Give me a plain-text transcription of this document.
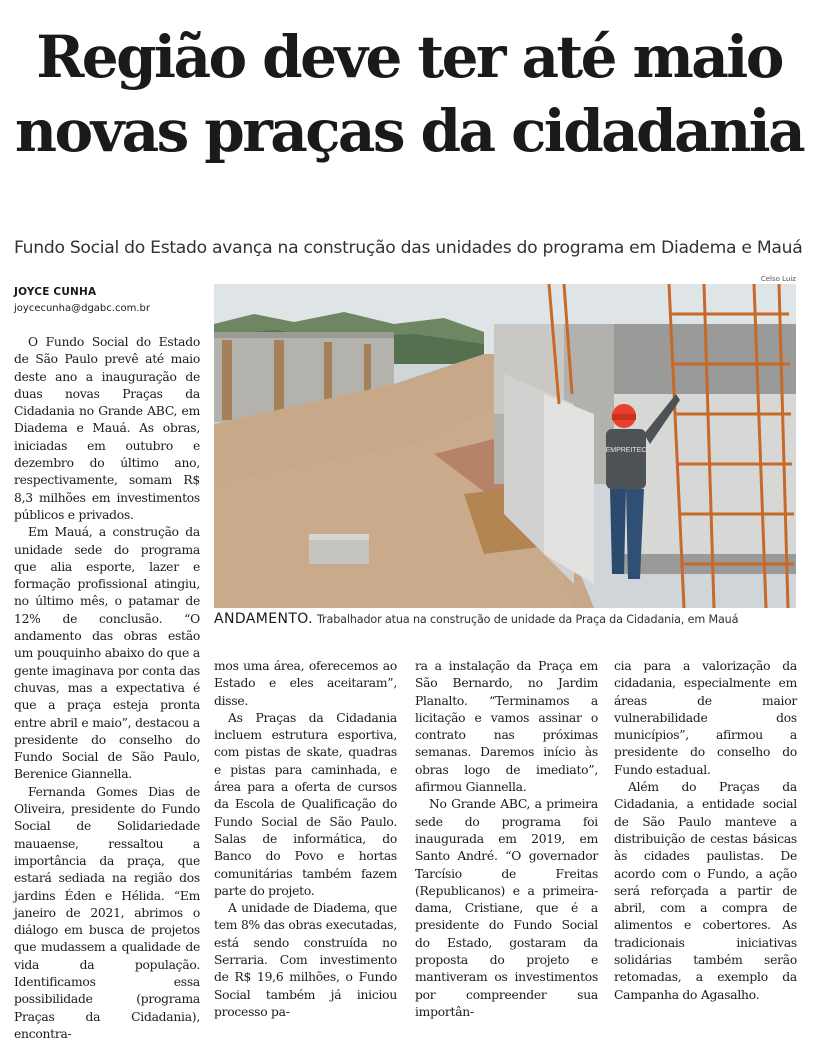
Região deve ter até maio novas praças da cidadania
Fundo Social do Estado avança na construção das unidades do programa em Diadema e Mauá
JOYCE CUNHA
joycecunha@dgabc.com.br
Celso Luiz
EMPREITEC
ANDAMENTO. Trabalhador atua na construção de unidade da Praça da Cidadania, em Mauá

O Fundo Social do Estado de São Paulo prevê até maio deste ano a inauguração de duas novas Praças da Cidadania no Grande ABC, em Diadema e Mauá. As obras, iniciadas em outubro e dezembro do último ano, respectivamente, somam R$ 8,3 milhões em investimentos públicos e privados.

Em Mauá, a construção da unidade sede do programa que alia esporte, lazer e formação profissional atingiu, no último mês, o patamar de 12% de conclusão. “O andamento das obras estão um pouquinho abaixo do que a gente imaginava por conta das chuvas, mas a expectativa é que a praça esteja pronta entre abril e maio”, destacou a presidente do conselho do Fundo Social de São Paulo, Berenice Giannella.

Fernanda Gomes Dias de Oliveira, presidente do Fundo Social de Solidariedade mauaense, ressaltou a importância da praça, que estará sediada na região dos jardins Éden e Hélida. “Em janeiro de 2021, abrimos o diálogo em busca de projetos que mudassem a qualidade de vida da população. Identificamos essa possibilidade (programa Praças da Cidadania), encontra-

mos uma área, oferecemos ao Estado e eles aceitaram”, disse.

As Praças da Cidadania incluem estrutura esportiva, com pistas de skate, quadras e pistas para caminhada, e área para a oferta de cursos da Escola de Qualificação do Fundo Social de São Paulo. Salas de informática, do Banco do Povo e hortas comunitárias também fazem parte do projeto.

A unidade de Diadema, que tem 8% das obras executadas, está sendo construída no Serraria. Com investimento de R$ 19,6 milhões, o Fundo Social também já iniciou processo pa-

ra a instalação da Praça em São Bernardo, no Jardim Planalto. “Terminamos a licitação e vamos assinar o contrato nas próximas semanas. Daremos início às obras logo de imediato”, afirmou Giannella.

No Grande ABC, a primeira sede do programa foi inaugurada em 2019, em Santo André. “O governador Tarcísio de Freitas (Republicanos) e a primeira-dama, Cristiane, que é a presidente do Fundo Social do Estado, gostaram da proposta do projeto e mantiveram os investimentos por compreender sua importân-

cia para a valorização da cidadania, especialmente em áreas de maior vulnerabilidade dos municípios”, afirmou a presidente do conselho do Fundo estadual.

Além do Praças da Cidadania, a entidade social de São Paulo manteve a distribuição de cestas básicas às cidades paulistas. De acordo com o Fundo, a ação será reforçada a partir de abril, com a compra de alimentos e cobertores. As tradicionais iniciativas solidárias também serão retomadas, a exemplo da Campanha do Agasalho.
